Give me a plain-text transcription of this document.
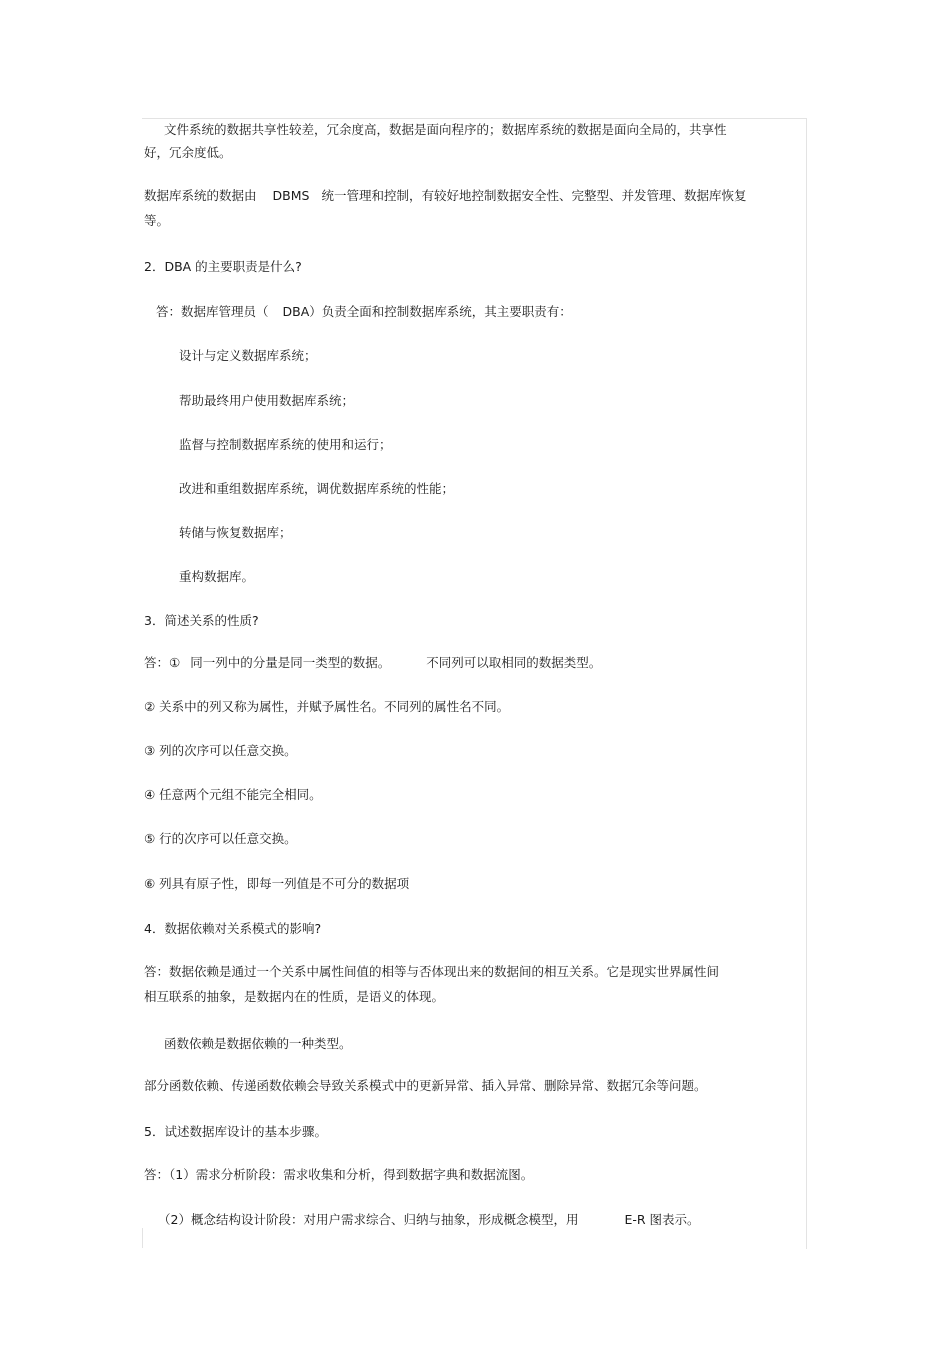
文件系统的数据共享性较差，冗余度高，数据是面向程序的；数据库系统的数据是面向全局的，共享性
好，冗余度低。
数据库系统的数据由 DBMS 统一管理和控制，有较好地控制数据安全性、完整型、并发管理、数据库恢复
等。
2．DBA 的主要职责是什么?
答：数据库管理员（ DBA）负责全面和控制数据库系统，其主要职责有：
设计与定义数据库系统；
帮助最终用户使用数据库系统；
监督与控制数据库系统的使用和运行；
改进和重组数据库系统，调优数据库系统的性能；
转储与恢复数据库；
重构数据库。
3．简述关系的性质?
答：① 同一列中的分量是同一类型的数据。	不同列可以取相同的数据类型。
② 关系中的列又称为属性，并赋予属性名。不同列的属性名不同。
③ 列的次序可以任意交换。
④ 任意两个元组不能完全相同。
⑤ 行的次序可以任意交换。
⑥ 列具有原子性，即每一列值是不可分的数据项
4．数据依赖对关系模式的影响?
答：数据依赖是通过一个关系中属性间值的相等与否体现出来的数据间的相互关系。它是现实世界属性间
相互联系的抽象，是数据内在的性质，是语义的体现。
函数依赖是数据依赖的一种类型。
部分函数依赖、传递函数依赖会导致关系模式中的更新异常、插入异常、删除异常、数据冗余等问题。
5．试述数据库设计的基本步骤。
答：（1）需求分析阶段：需求收集和分析，得到数据字典和数据流图。
（2）概念结构设计阶段：对用户需求综合、归纳与抽象，形成概念模型，用	E-R 图表示。
